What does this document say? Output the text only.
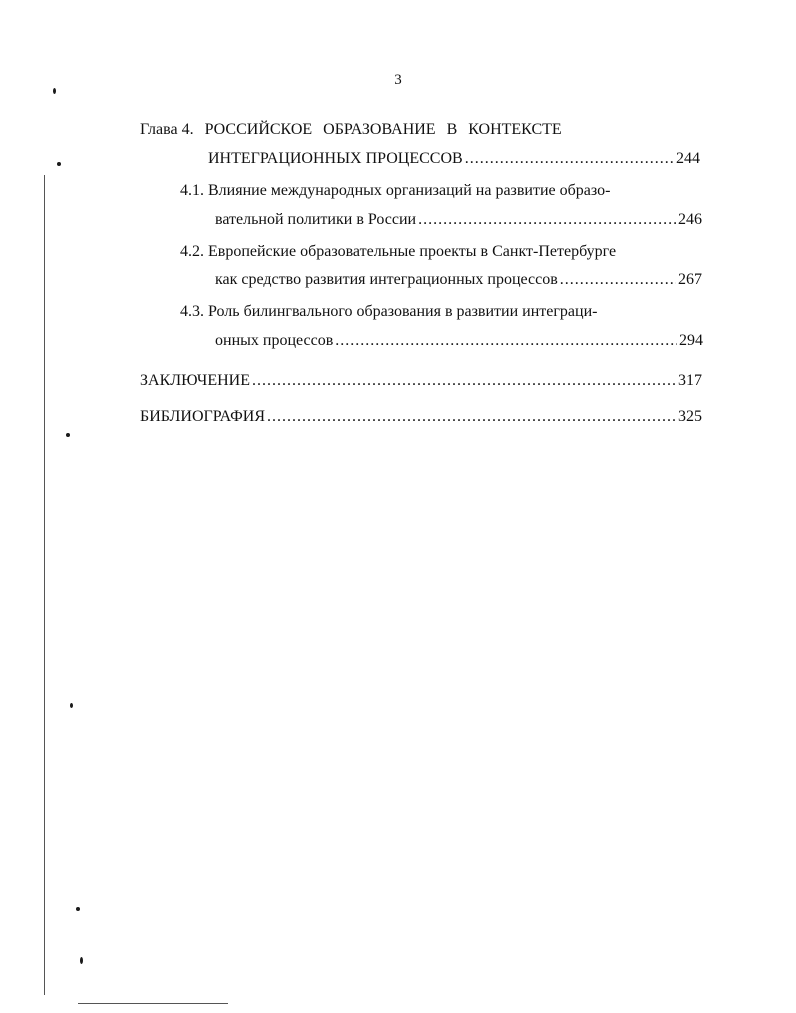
3
Глава 4.
РОССИЙСКОЕ ОБРАЗОВАНИЕ В КОНТЕКСТЕ
ИНТЕГРАЦИОННЫХ ПРОЦЕССОВ . . .	244
4.1.
Влияние международных организаций на развитие образо-
вательной политики в России . . .	246
4.2.
Европейские образовательные проекты в Санкт-Петербурге
как средство развития интеграционных процессов . . .	267
4.3.
Роль билингвального образования в развитии интеграци-
онных процессов . . .	294
ЗАКЛЮЧЕНИЕ . . .	317
БИБЛИОГРАФИЯ . . .	325
